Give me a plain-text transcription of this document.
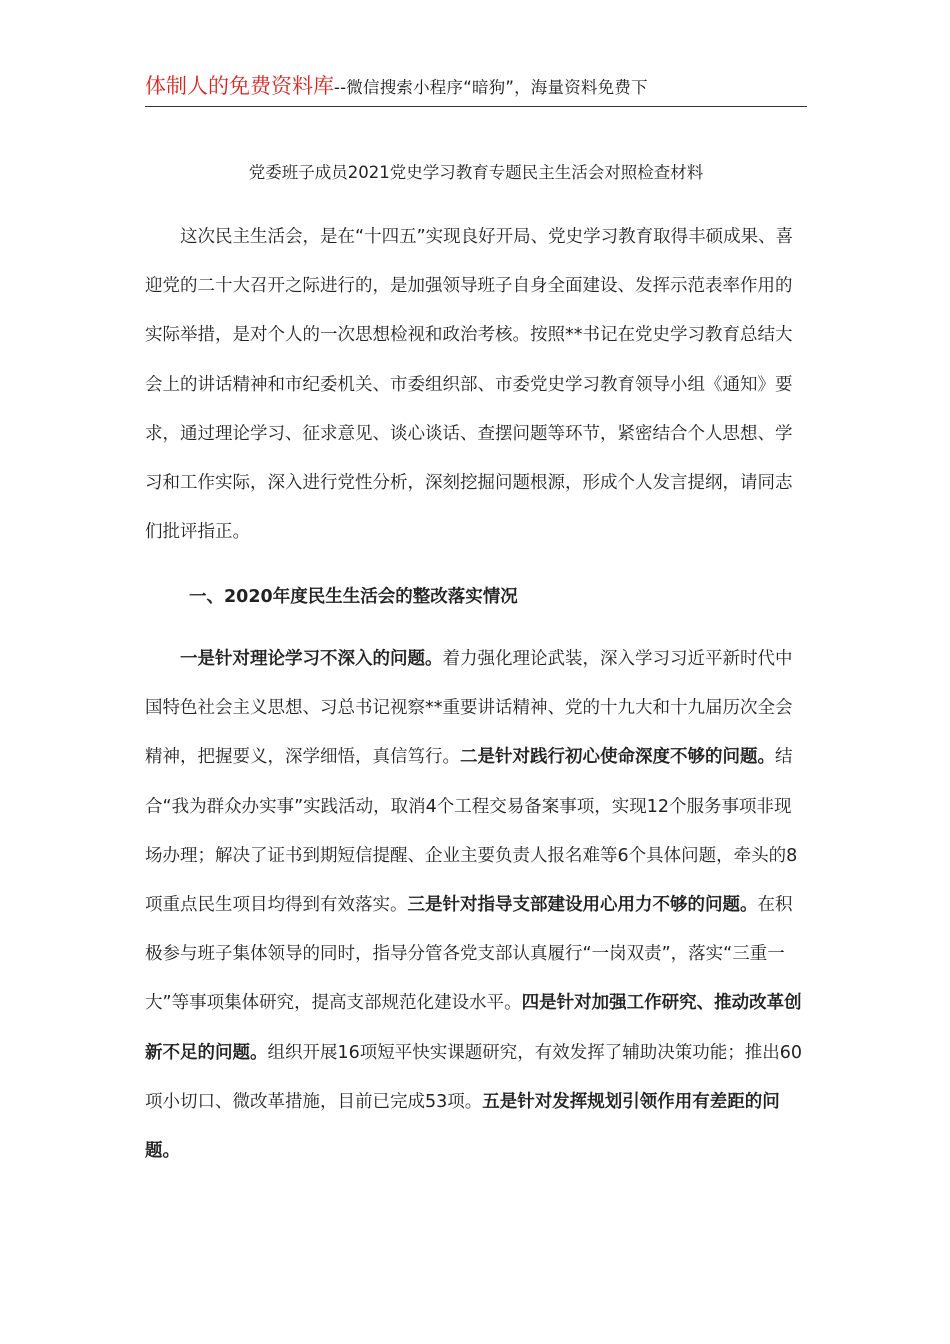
体制人的免费资料库--微信搜索小程序“暗狗”，海量资料免费下
党委班子成员2021党史学习教育专题民主生活会对照检查材料

这次民主生活会，是在“十四五”实现良好开局、党史学习教育取得丰硕成果、喜迎党的二十大召开之际进行的，是加强领导班子自身全面建设、发挥示范表率作用的实际举措，是对个人的一次思想检视和政治考核。按照**书记在党史学习教育总结大会上的讲话精神和市纪委机关、市委组织部、市委党史学习教育领导小组《通知》要求，通过理论学习、征求意见、谈心谈话、查摆问题等环节，紧密结合个人思想、学习和工作实际，深入进行党性分析，深刻挖掘问题根源，形成个人发言提纲，请同志们批评指正。

一、2020年度民生生活会的整改落实情况

一是针对理论学习不深入的问题。着力强化理论武装，深入学习习近平新时代中国特色社会主义思想、习总书记视察**重要讲话精神、党的十九大和十九届历次全会精神，把握要义，深学细悟，真信笃行。二是针对践行初心使命深度不够的问题。结合“我为群众办实事”实践活动，取消4个工程交易备案事项，实现12个服务事项非现场办理；解决了证书到期短信提醒、企业主要负责人报名难等6个具体问题，牵头的8项重点民生项目均得到有效落实。三是针对指导支部建设用心用力不够的问题。在积极参与班子集体领导的同时，指导分管各党支部认真履行“一岗双责”，落实“三重一大”等事项集体研究，提高支部规范化建设水平。四是针对加强工作研究、推动改革创新不足的问题。组织开展16项短平快实课题研究，有效发挥了辅助决策功能；推出60项小切口、微改革措施，目前已完成53项。五是针对发挥规划引领作用有差距的问题。
